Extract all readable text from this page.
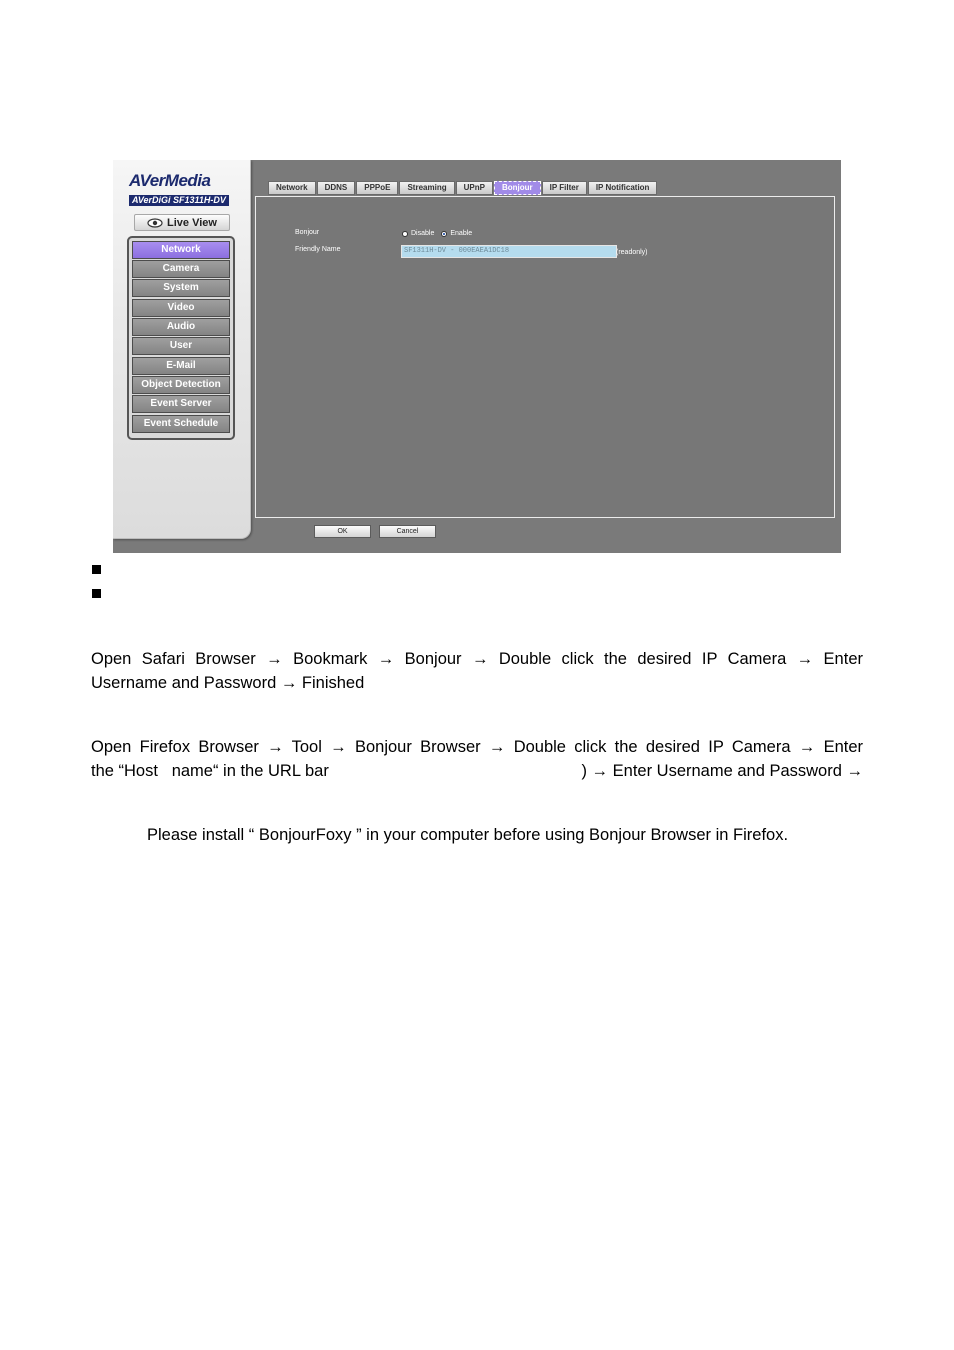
AVerMedia
AVerDiGi SF1311H-DV
Live View
Network
Camera
System
Video
Audio
User
E-Mail
Object Detection
Event Server
Event Schedule
Network	DDNS	PPPoE	Streaming	UPnP	Bonjour	IP Filter	IP Notification
Bonjour	Disable Enable
Friendly Name	SF1311H-DV - 000EAEA1DC18	(readonly)
OK	Cancel
Open Safari Browser → Bookmark → Bonjour → Double click the desired IP Camera → Enter
Username and Password → Finished
Open Firefox Browser → Tool → Bonjour Browser → Double click the desired IP Camera → Enter
the “Host   name“ in the URL bar	) → Enter Username and Password →
Please install “ BonjourFoxy ” in your computer before using Bonjour Browser in Firefox.
